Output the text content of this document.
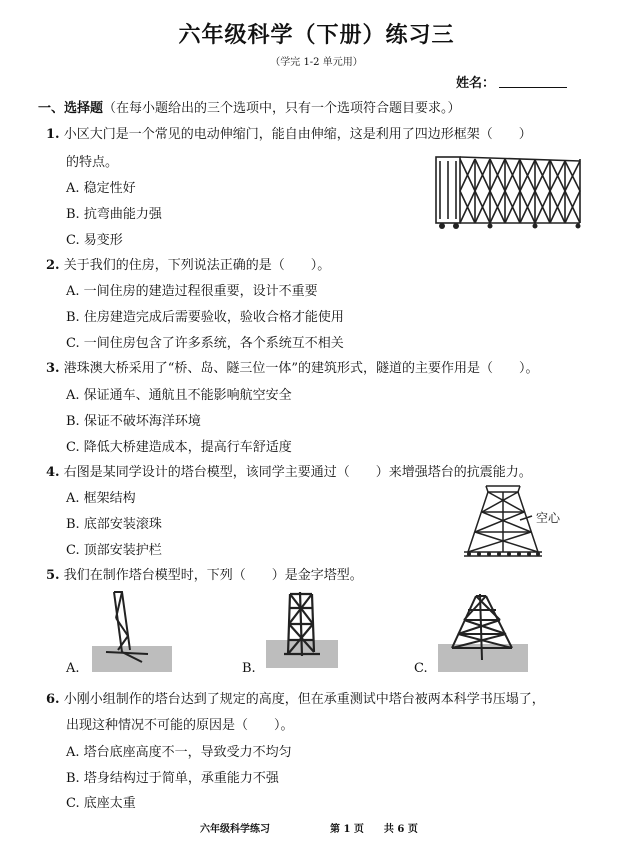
六年级科学（下册）练习三
（学完 1-2 单元用）
姓名：
一、选择题（在每小题给出的三个选项中，只有一个选项符合题目要求。）
1. 小区大门是一个常见的电动伸缩门，能自由伸缩，这是利用了四边形框架（　　）
的特点。
A. 稳定性好
B. 抗弯曲能力强
C. 易变形
2. 关于我们的住房，下列说法正确的是（　　）。
A. 一间住房的建造过程很重要，设计不重要
B. 住房建造完成后需要验收，验收合格才能使用
C. 一间住房包含了许多系统，各个系统互不相关
3. 港珠澳大桥采用了“桥、岛、隧三位一体”的建筑形式，隧道的主要作用是（　　）。
A. 保证通车、通航且不能影响航空安全
B. 保证不破坏海洋环境
C. 降低大桥建造成本，提高行车舒适度
4. 右图是某同学设计的塔台模型，该同学主要通过（　　）来增强塔台的抗震能力。
A. 框架结构
B. 底部安装滚珠
C. 顶部安装护栏
空心
5. 我们在制作塔台模型时，下列（　　）是金字塔型。
A.	B.	C.
6. 小刚小组制作的塔台达到了规定的高度，但在承重测试中塔台被两本科学书压塌了，
出现这种情况不可能的原因是（　　）。
A. 塔台底座高度不一，导致受力不均匀
B. 塔身结构过于简单，承重能力不强
C. 底座太重
六年级科学练习	第 1 页　　共 6 页
